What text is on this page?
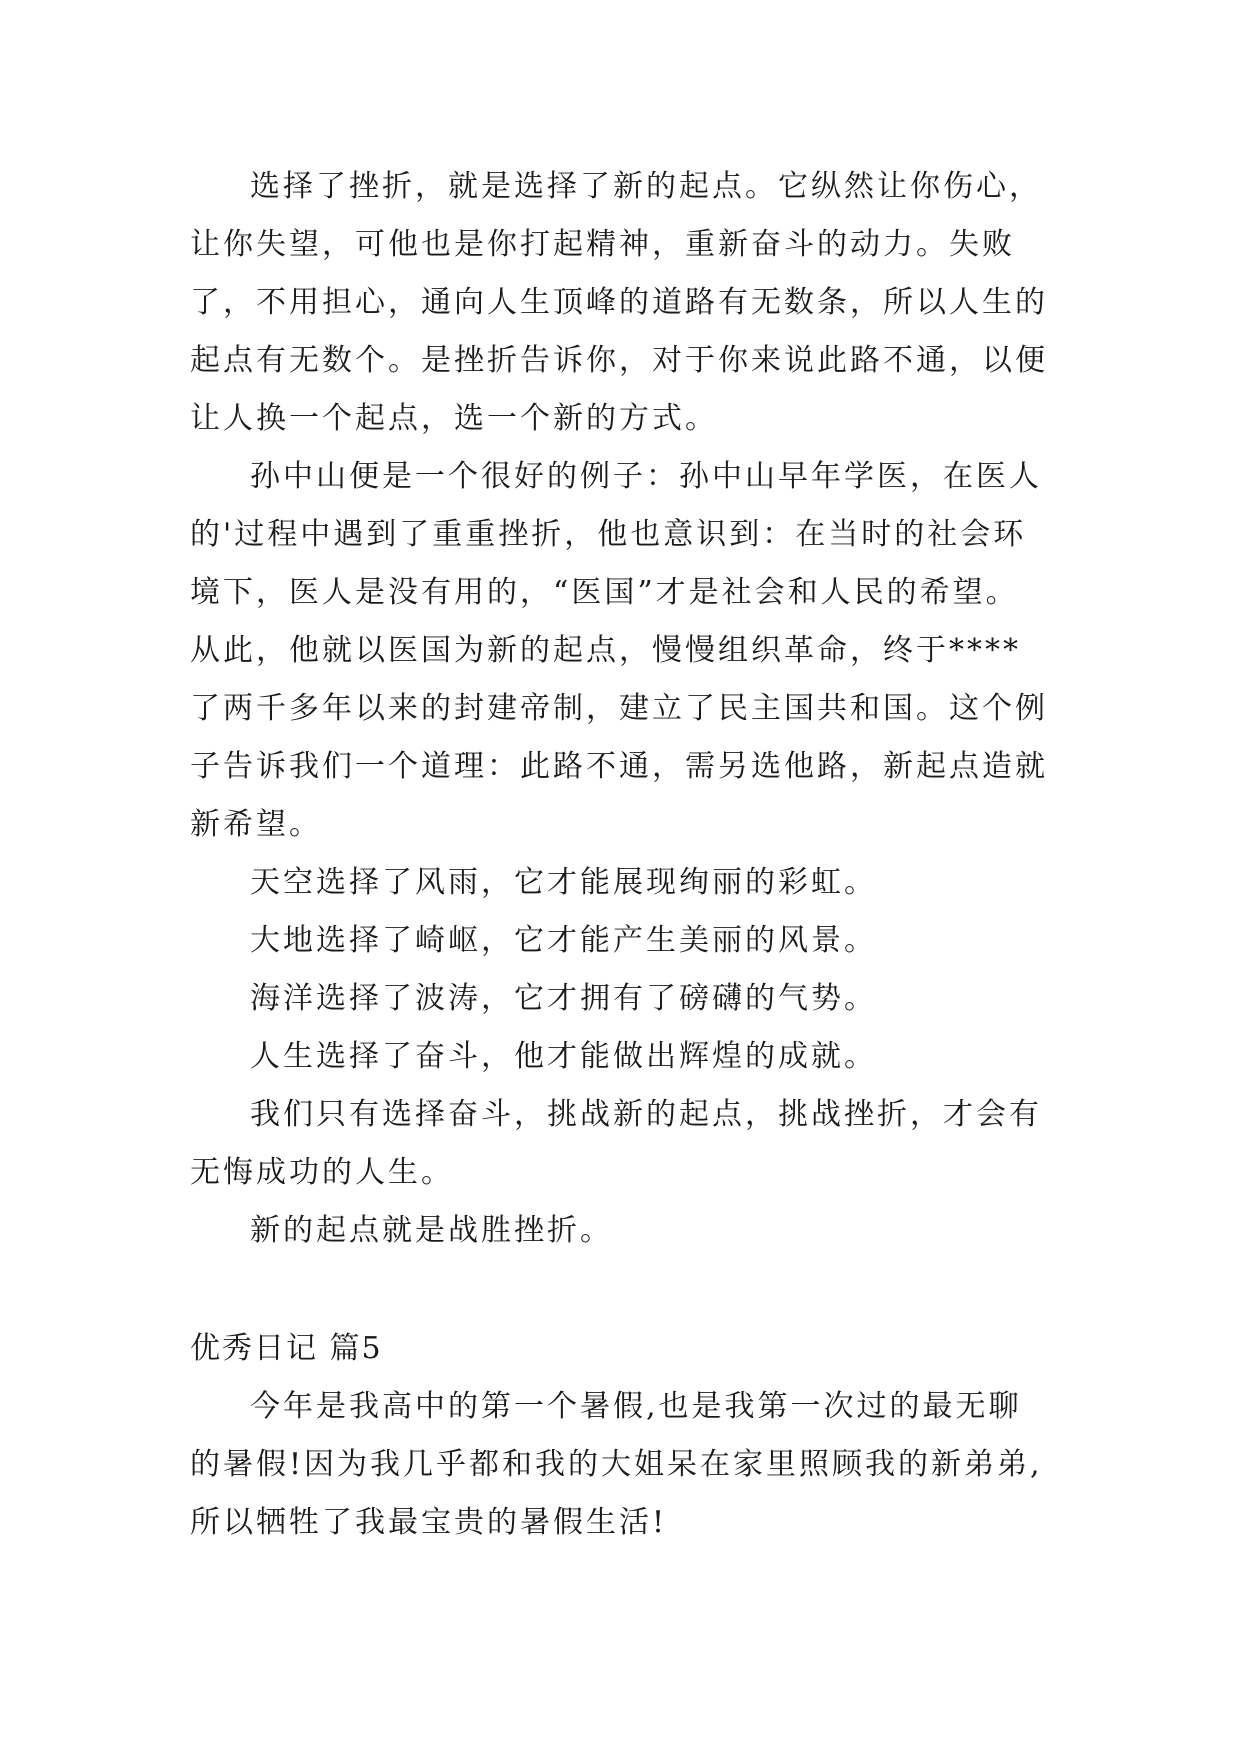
选择了挫折，就是选择了新的起点。它纵然让你伤心，让你失望，可他也是你打起精神，重新奋斗的动力。失败了，不用担心，通向人生顶峰的道路有无数条，所以人生的起点有无数个。是挫折告诉你，对于你来说此路不通，以便让人换一个起点，选一个新的方式。

孙中山便是一个很好的例子：孙中山早年学医，在医人的'过程中遇到了重重挫折，他也意识到：在当时的社会环境下，医人是没有用的，“医国”才是社会和人民的希望。从此，他就以医国为新的起点，慢慢组织革命，终于****了两千多年以来的封建帝制，建立了民主国共和国。这个例子告诉我们一个道理：此路不通，需另选他路，新起点造就新希望。

天空选择了风雨，它才能展现绚丽的彩虹。

大地选择了崎岖，它才能产生美丽的风景。

海洋选择了波涛，它才拥有了磅礴的气势。

人生选择了奋斗，他才能做出辉煌的成就。

我们只有选择奋斗，挑战新的起点，挑战挫折，才会有无悔成功的人生。

新的起点就是战胜挫折。

优秀日记 篇5

今年是我高中的第一个暑假,也是我第一次过的最无聊的暑假!因为我几乎都和我的大姐呆在家里照顾我的新弟弟,所以牺牲了我最宝贵的暑假生活!
